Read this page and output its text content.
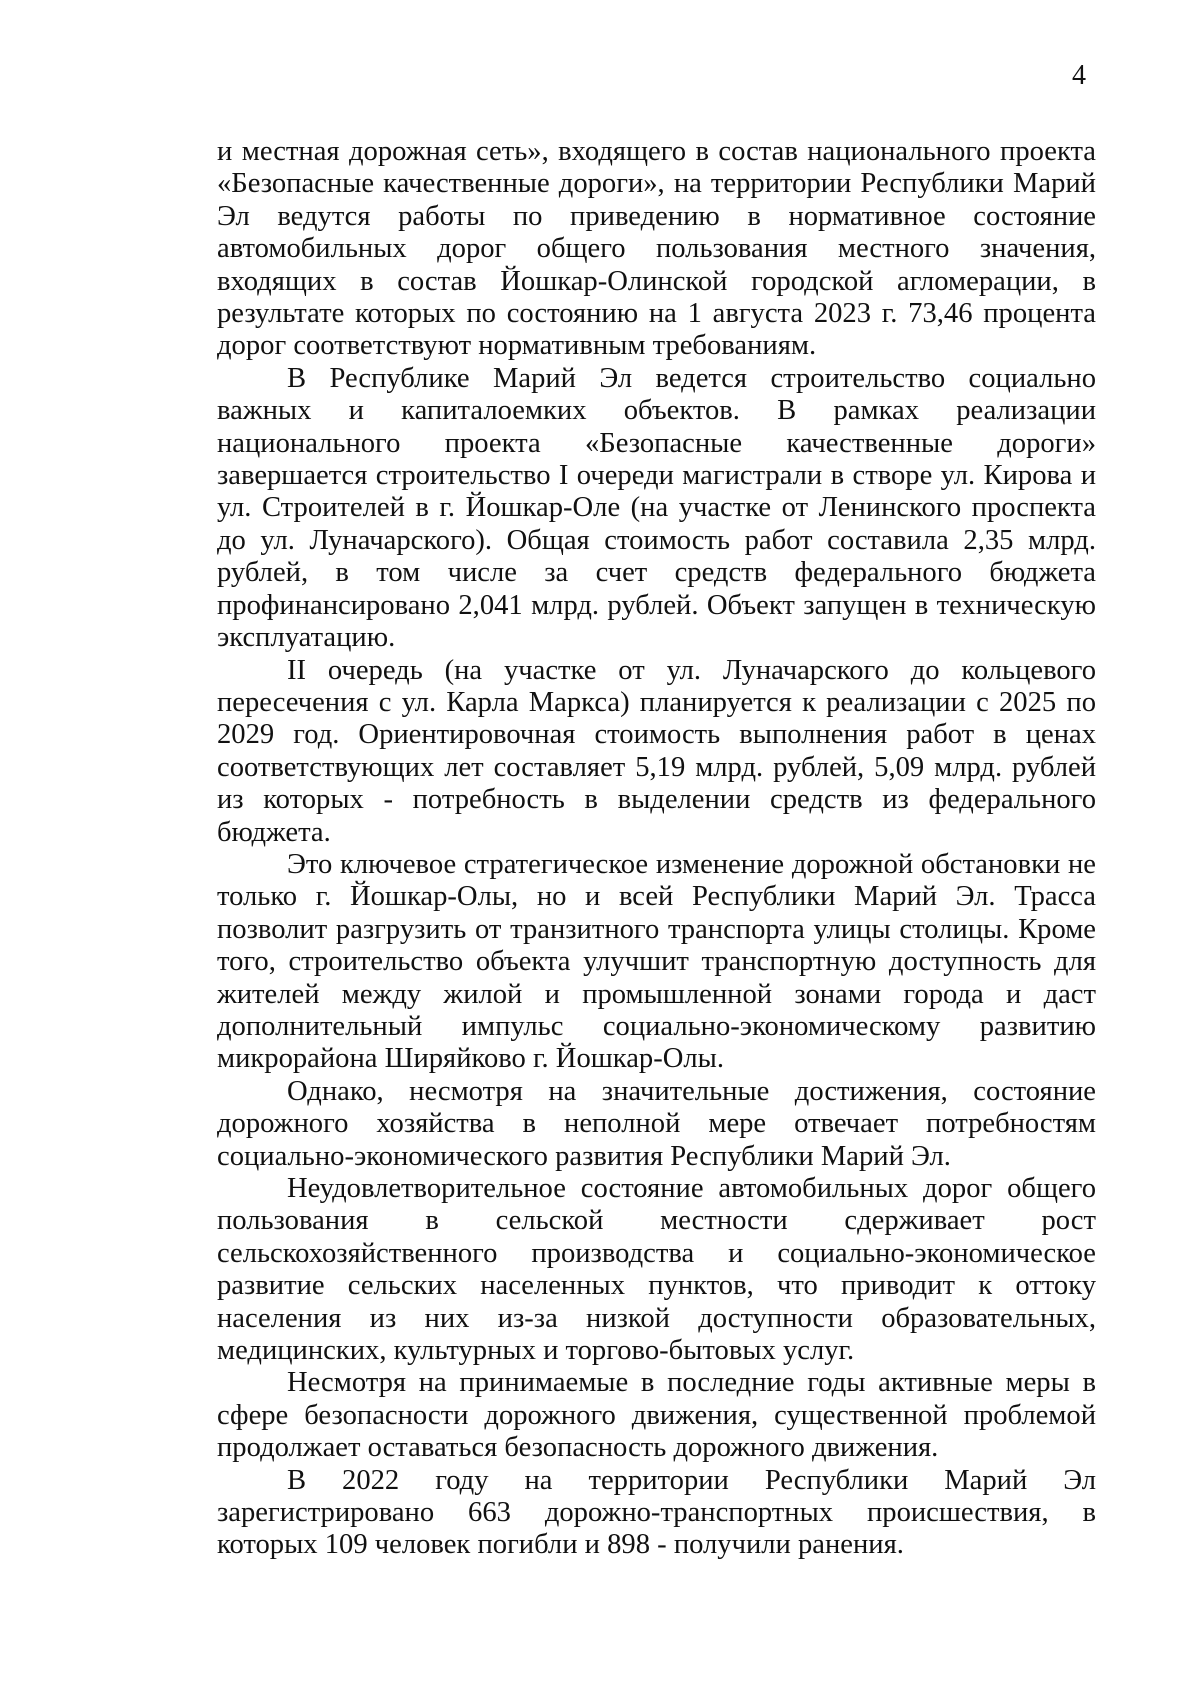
4

и местная дорожная сеть», входящего в состав национального проекта «Безопасные качественные дороги», на территории Республики Марий Эл ведутся работы по приведению в нормативное состояние автомобильных дорог общего пользования местного значения, входящих в состав Йошкар-Олинской городской агломерации, в результате которых по состоянию на 1 августа 2023 г. 73,46 процента дорог соответствуют нормативным требованиям.

В Республике Марий Эл ведется строительство социально важных и капиталоемких объектов. В рамках реализации национального проекта «Безопасные качественные дороги» завершается строительство I очереди магистрали в створе ул. Кирова и ул. Строителей в г. Йошкар-Оле (на участке от Ленинского проспекта до ул. Луначарского). Общая стоимость работ составила 2,35 млрд. рублей, в том числе за счет средств федерального бюджета профинансировано 2,041 млрд. рублей. Объект запущен в техническую эксплуатацию.

II очередь (на участке от ул. Луначарского до кольцевого пересечения с ул. Карла Маркса) планируется к реализации с 2025 по 2029 год. Ориентировочная стоимость выполнения работ в ценах соответствующих лет составляет 5,19 млрд. рублей, 5,09 млрд. рублей из которых - потребность в выделении средств из федерального бюджета.

Это ключевое стратегическое изменение дорожной обстановки не только г. Йошкар-Олы, но и всей Республики Марий Эл. Трасса позволит разгрузить от транзитного транспорта улицы столицы. Кроме того, строительство объекта улучшит транспортную доступность для жителей между жилой и промышленной зонами города и даст дополнительный импульс социально-экономическому развитию микрорайона Ширяйково г. Йошкар-Олы.

Однако, несмотря на значительные достижения, состояние дорожного хозяйства в неполной мере отвечает потребностям социально-экономического развития Республики Марий Эл.

Неудовлетворительное состояние автомобильных дорог общего пользования в сельской местности сдерживает рост сельскохозяйственного производства и социально-экономическое развитие сельских населенных пунктов, что приводит к оттоку населения из них из-за низкой доступности образовательных, медицинских, культурных и торгово-бытовых услуг.

Несмотря на принимаемые в последние годы активные меры в сфере безопасности дорожного движения, существенной проблемой продолжает оставаться безопасность дорожного движения.

В 2022 году на территории Республики Марий Эл зарегистрировано 663 дорожно-транспортных происшествия, в которых 109 человек погибли и 898 - получили ранения.
